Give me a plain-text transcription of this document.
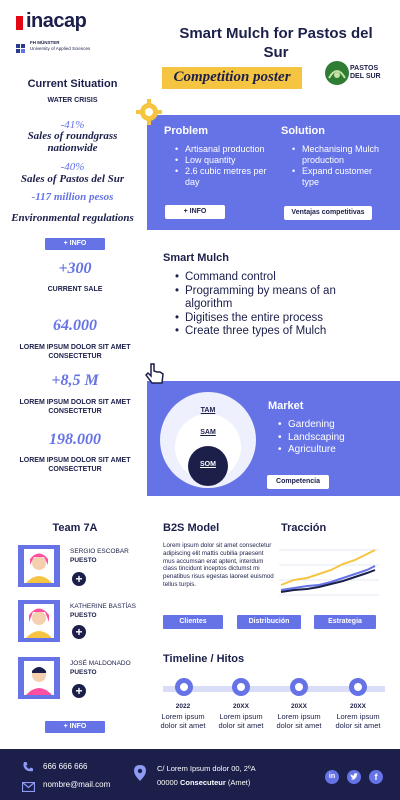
inacap
FH MÜNSTER
University of Applied Sciences
Smart Mulch for Pastos del Sur
Competition poster
PASTOS
DEL SUR
Current Situation
WATER CRISIS
-41%
Sales of roundgrass nationwide
-40%
Sales of Pastos del Sur
-117 million pesos
Environmental regulations
+ INFO
+300
CURRENT SALE
64.000
LOREM IPSUM DOLOR SIT AMET CONSECTETUR
+8,5 M
LOREM IPSUM DOLOR SIT AMET CONSECTETUR
198.000
LOREM IPSUM DOLOR SIT AMET CONSECTETUR
Problem
• Artisanal production
• Low quantity
• 2.6 cubic metres per day
+ INFO
Solution
• Mechanising Mulch production
• Expand customer type
Ventajas competitivas
Smart Mulch
• Command control
• Programming by means of an algorithm
• Digitises the entire process
• Create three types of Mulch
TAM
SAM
SOM
Market
• Gardening
• Landscaping
• Agriculture
Competencia
Team 7A
SERGIO ESCOBAR
PUESTO
+
KATHERINE BASTÍAS
PUESTO
+
JOSÉ MALDONADO
PUESTO
+
+ INFO
B2S Model
Lorem ipsum dolor sit amet consectetur adipiscing elit mattis cubilia praesent mus accumsan erat aptent, interdum class tincidunt inceptos dictumst mi penatibus risus egestas laoreet euismod tellus turpis.
Tracción
Clientes	Distribución	Estrategia
Timeline / Hitos
2022
Lorem ipsum dolor sit amet
20XX
Lorem ipsum dolor sit amet
20XX
Lorem ipsum dolor sit amet
20XX
Lorem ipsum dolor sit amet
666 666 666
nombre@mail.com
C/ Lorem Ipsum dolor 00, 2ºA
00000 Consecuteur (Amet)
in	f
